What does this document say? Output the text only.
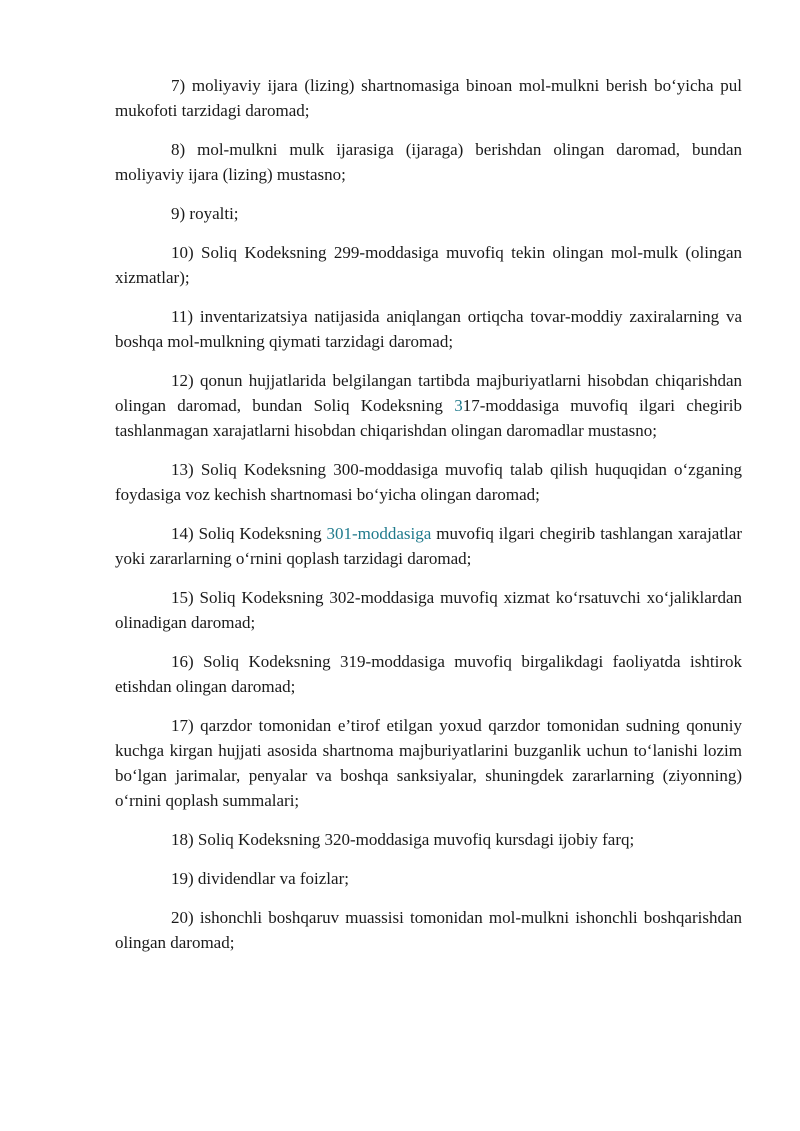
7) moliyaviy ijara (lizing) shartnomasiga binoan mol-mulkni berish bo‘yicha pul mukofoti tarzidagi daromad;

8) mol-mulkni mulk ijarasiga (ijaraga) berishdan olingan daromad, bundan moliyaviy ijara (lizing) mustasno;

9) royalti;

10) Soliq Kodeksning 299-moddasiga muvofiq tekin olingan mol-mulk (olingan xizmatlar);

11) inventarizatsiya natijasida aniqlangan ortiqcha tovar-moddiy zaxiralarning va boshqa mol-mulkning qiymati tarzidagi daromad;

12) qonun hujjatlarida belgilangan tartibda majburiyatlarni hisobdan chiqarishdan olingan daromad, bundan Soliq Kodeksning 317-moddasiga muvofiq ilgari chegirib tashlanmagan xarajatlarni hisobdan chiqarishdan olingan daromadlar mustasno;

13) Soliq Kodeksning 300-moddasiga muvofiq talab qilish huquqidan o‘zganing foydasiga voz kechish shartnomasi bo‘yicha olingan daromad;

14) Soliq Kodeksning 301-moddasiga muvofiq ilgari chegirib tashlangan xarajatlar yoki zararlarning o‘rnini qoplash tarzidagi daromad;

15) Soliq Kodeksning 302-moddasiga muvofiq xizmat ko‘rsatuvchi xo‘jaliklardan olinadigan daromad;

16) Soliq Kodeksning 319-moddasiga muvofiq birgalikdagi faoliyatda ishtirok etishdan olingan daromad;

17) qarzdor tomonidan e’tirof etilgan yoxud qarzdor tomonidan sudning qonuniy kuchga kirgan hujjati asosida shartnoma majburiyatlarini buzganlik uchun to‘lanishi lozim bo‘lgan jarimalar, penyalar va boshqa sanksiyalar, shuningdek zararlarning (ziyonning) o‘rnini qoplash summalari;

18) Soliq Kodeksning 320-moddasiga muvofiq kursdagi ijobiy farq;

19) dividendlar va foizlar;

20) ishonchli boshqaruv muassisi tomonidan mol-mulkni ishonchli boshqarishdan olingan daromad;
